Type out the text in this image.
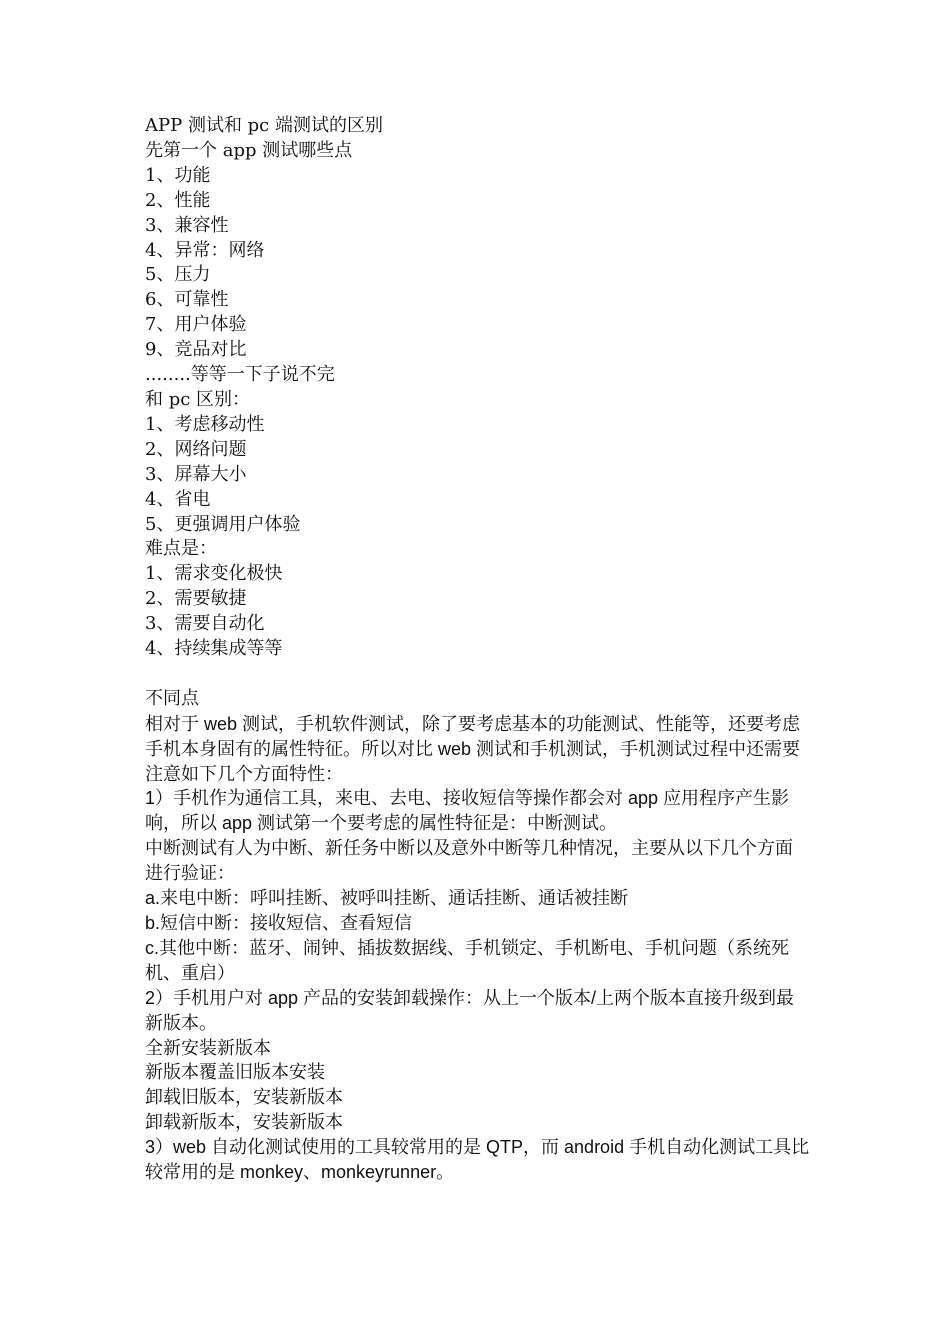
APP 测试和 pc 端测试的区别
先第一个 app 测试哪些点
1、功能
2、性能
3、兼容性
4、异常：网络
5、压力
6、可靠性
7、用户体验
9、竞品对比
........等等一下子说不完
和 pc 区别：
1、考虑移动性
2、网络问题
3、屏幕大小
4、省电
5、更强调用户体验
难点是：
1、需求变化极快
2、需要敏捷
3、需要自动化
4、持续集成等等
不同点
相对于 web 测试，手机软件测试，除了要考虑基本的功能测试、性能等，还要考虑手机本身固有的属性特征。所以对比 web 测试和手机测试，手机测试过程中还需要注意如下几个方面特性：
1）手机作为通信工具，来电、去电、接收短信等操作都会对 app 应用程序产生影响，所以 app 测试第一个要考虑的属性特征是：中断测试。
中断测试有人为中断、新任务中断以及意外中断等几种情况，主要从以下几个方面进行验证：
a.来电中断：呼叫挂断、被呼叫挂断、通话挂断、通话被挂断
b.短信中断：接收短信、查看短信
c.其他中断：蓝牙、闹钟、插拔数据线、手机锁定、手机断电、手机问题（系统死机、重启）
2）手机用户对 app 产品的安装卸载操作：从上一个版本/上两个版本直接升级到最新版本。
全新安装新版本
新版本覆盖旧版本安装
卸载旧版本，安装新版本
卸载新版本，安装新版本
3）web 自动化测试使用的工具较常用的是 QTP，而 android 手机自动化测试工具比较常用的是 monkey、monkeyrunner。
